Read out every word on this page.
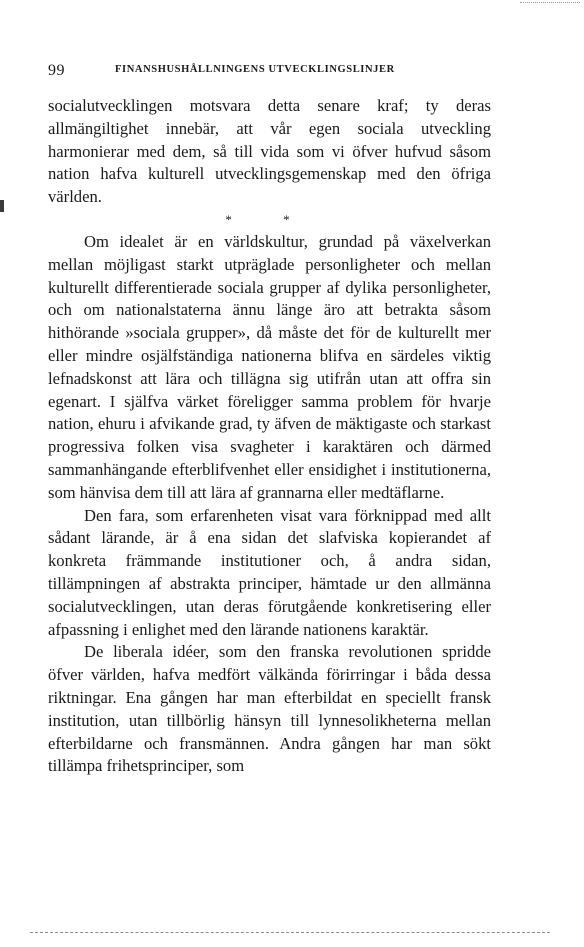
99	FINANSHUSHÅLLNINGENS UTVECKLINGSLINJER

socialutvecklingen motsvara detta senare kraf; ty deras allmängiltighet innebär, att vår egen sociala utveckling harmonierar med dem, så till vida som vi öfver hufvud såsom nation hafva kulturell utvecklingsgemenskap med den öfriga världen.

* *

Om idealet är en världskultur, grundad på växelverkan mellan möjligast starkt utpräglade personligheter och mellan kulturellt differentierade sociala grupper af dylika personligheter, och om nationalstaterna ännu länge äro att betrakta såsom hithörande »sociala grupper», då måste det för de kulturellt mer eller mindre osjälfständiga nationerna blifva en särdeles viktig lefnadskonst att lära och tillägna sig utifrån utan att offra sin egenart. I själfva värket föreligger samma problem för hvarje nation, ehuru i afvikande grad, ty äfven de mäktigaste och starkast progressiva folken visa svagheter i karaktären och därmed sammanhängande efterblifvenhet eller ensidighet i institutionerna, som hänvisa dem till att lära af grannarna eller medtäflarne.

Den fara, som erfarenheten visat vara förknippad med allt sådant lärande, är å ena sidan det slafviska kopierandet af konkreta främmande institutioner och, å andra sidan, tillämpningen af abstrakta principer, hämtade ur den allmänna socialutvecklingen, utan deras förutgående konkretisering eller afpassning i enlighet med den lärande nationens karaktär.

De liberala idéer, som den franska revolutionen spridde öfver världen, hafva medfört välkända förirringar i båda dessa riktningar. Ena gången har man efterbildat en speciellt fransk institution, utan tillbörlig hänsyn till lynnesolikheterna mellan efterbildarne och fransmännen. Andra gången har man sökt tillämpa frihetsprinciper, som
